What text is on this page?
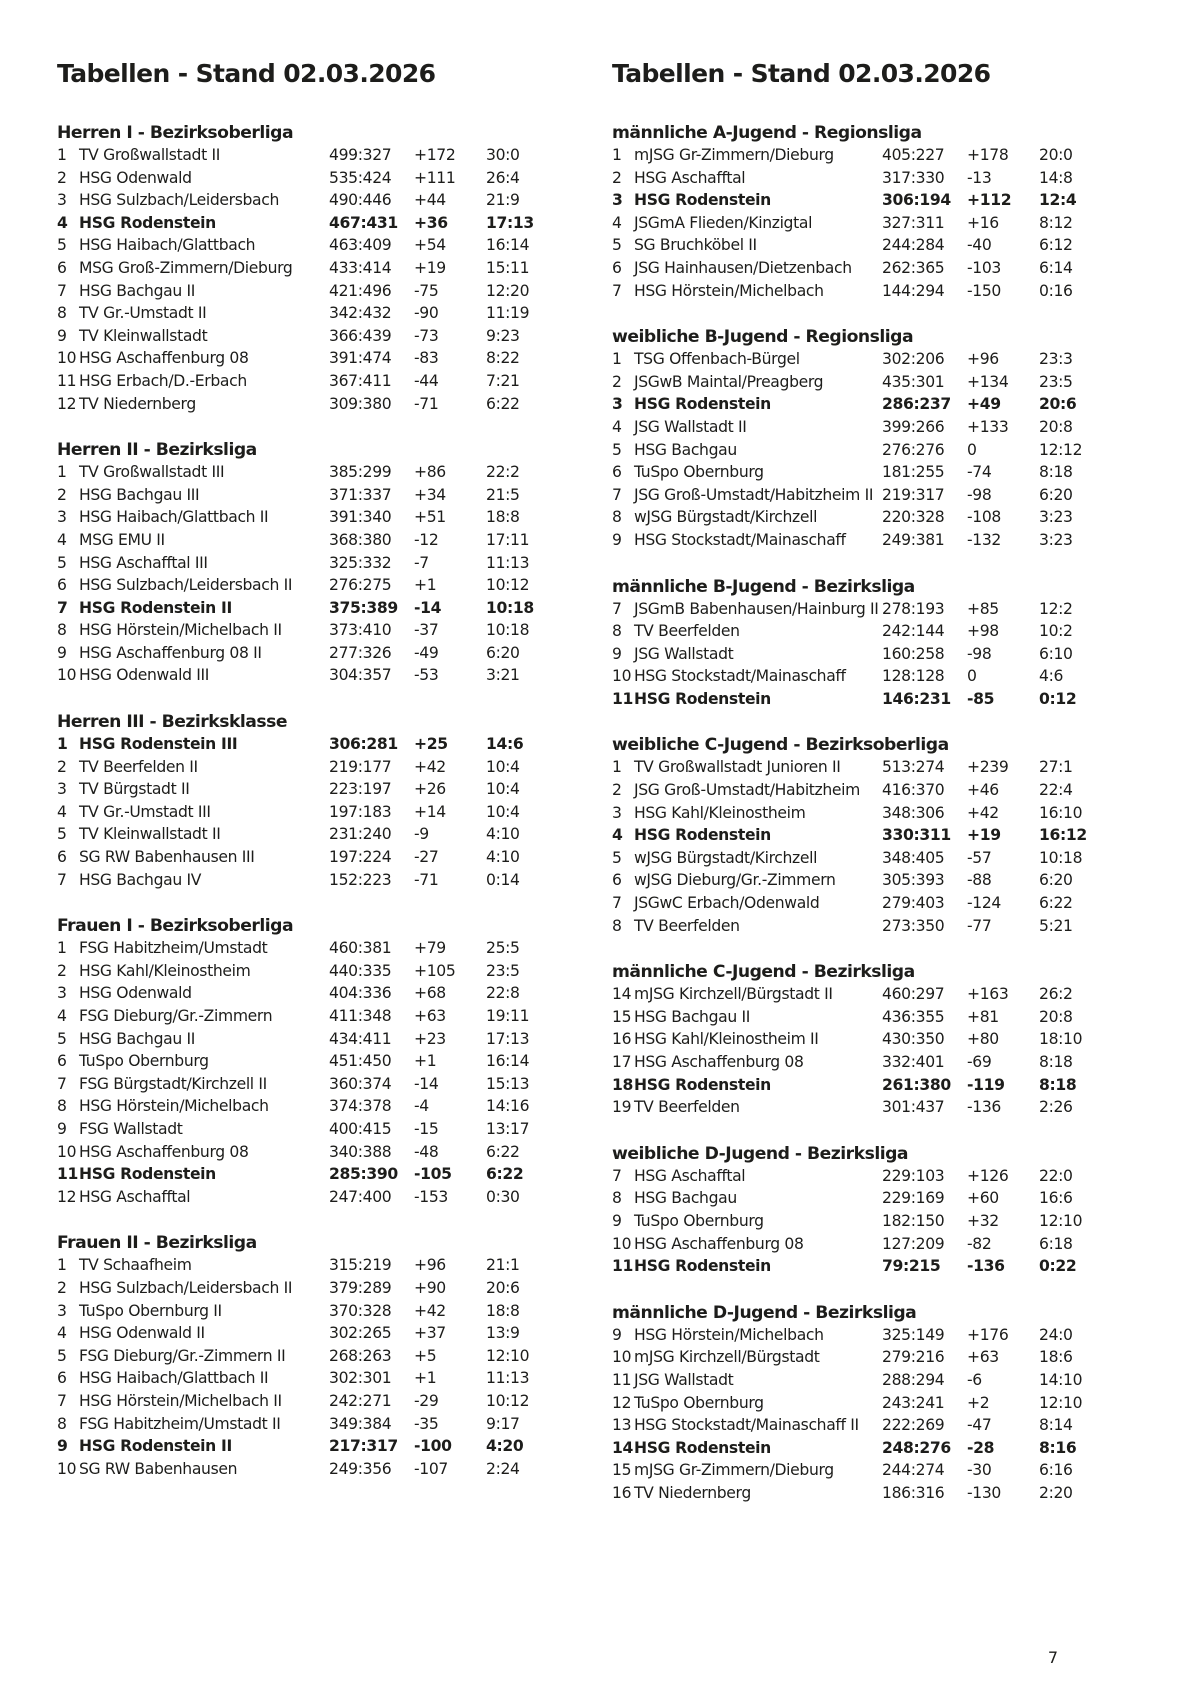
Tabellen - Stand 02.03.2026
Herren I - Bezirksoberliga
1 TV Großwallstadt II	499:327	+172	30:0
2 HSG Odenwald	535:424	+111	26:4
3 HSG Sulzbach/Leidersbach	490:446	+44	21:9
4 HSG Rodenstein	467:431	+36	17:13
5 HSG Haibach/Glattbach	463:409	+54	16:14
6 MSG Groß-Zimmern/Dieburg	433:414	+19	15:11
7 HSG Bachgau II	421:496	-75	12:20
8 TV Gr.-Umstadt II	342:432	-90	11:19
9 TV Kleinwallstadt	366:439	-73	9:23
10 HSG Aschaffenburg 08	391:474	-83	8:22
11 HSG Erbach/D.-Erbach	367:411	-44	7:21
12 TV Niedernberg	309:380	-71	6:22
Herren II - Bezirksliga
1 TV Großwallstadt III	385:299	+86	22:2
2 HSG Bachgau III	371:337	+34	21:5
3 HSG Haibach/Glattbach II	391:340	+51	18:8
4 MSG EMU II	368:380	-12	17:11
5 HSG Aschafftal III	325:332	-7	11:13
6 HSG Sulzbach/Leidersbach II	276:275	+1	10:12
7 HSG Rodenstein II	375:389	-14	10:18
8 HSG Hörstein/Michelbach II	373:410	-37	10:18
9 HSG Aschaffenburg 08 II	277:326	-49	6:20
10 HSG Odenwald III	304:357	-53	3:21
Herren III - Bezirksklasse
1 HSG Rodenstein III	306:281	+25	14:6
2 TV Beerfelden II	219:177	+42	10:4
3 TV Bürgstadt II	223:197	+26	10:4
4 TV Gr.-Umstadt III	197:183	+14	10:4
5 TV Kleinwallstadt II	231:240	-9	4:10
6 SG RW Babenhausen III	197:224	-27	4:10
7 HSG Bachgau IV	152:223	-71	0:14
Frauen I - Bezirksoberliga
1 FSG Habitzheim/Umstadt	460:381	+79	25:5
2 HSG Kahl/Kleinostheim	440:335	+105	23:5
3 HSG Odenwald	404:336	+68	22:8
4 FSG Dieburg/Gr.-Zimmern	411:348	+63	19:11
5 HSG Bachgau II	434:411	+23	17:13
6 TuSpo Obernburg	451:450	+1	16:14
7 FSG Bürgstadt/Kirchzell II	360:374	-14	15:13
8 HSG Hörstein/Michelbach	374:378	-4	14:16
9 FSG Wallstadt	400:415	-15	13:17
10 HSG Aschaffenburg 08	340:388	-48	6:22
11 HSG Rodenstein	285:390	-105	6:22
12 HSG Aschafftal	247:400	-153	0:30
Frauen II - Bezirksliga
1 TV Schaafheim	315:219	+96	21:1
2 HSG Sulzbach/Leidersbach II	379:289	+90	20:6
3 TuSpo Obernburg II	370:328	+42	18:8
4 HSG Odenwald II	302:265	+37	13:9
5 FSG Dieburg/Gr.-Zimmern II	268:263	+5	12:10
6 HSG Haibach/Glattbach II	302:301	+1	11:13
7 HSG Hörstein/Michelbach II	242:271	-29	10:12
8 FSG Habitzheim/Umstadt II	349:384	-35	9:17
9 HSG Rodenstein II	217:317	-100	4:20
10 SG RW Babenhausen	249:356	-107	2:24
Tabellen - Stand 02.03.2026
männliche A-Jugend - Regionsliga
1 mJSG Gr-Zimmern/Dieburg	405:227	+178	20:0
2 HSG Aschafftal	317:330	-13	14:8
3 HSG Rodenstein	306:194	+112	12:4
4 JSGmA Flieden/Kinzigtal	327:311	+16	8:12
5 SG Bruchköbel II	244:284	-40	6:12
6 JSG Hainhausen/Dietzenbach	262:365	-103	6:14
7 HSG Hörstein/Michelbach	144:294	-150	0:16
weibliche B-Jugend - Regionsliga
1 TSG Offenbach-Bürgel	302:206	+96	23:3
2 JSGwB Maintal/Preagberg	435:301	+134	23:5
3 HSG Rodenstein	286:237	+49	20:6
4 JSG Wallstadt II	399:266	+133	20:8
5 HSG Bachgau	276:276	0	12:12
6 TuSpo Obernburg	181:255	-74	8:18
7 JSG Groß-Umstadt/Habitzheim II 219:317	-98	6:20
8 wJSG Bürgstadt/Kirchzell	220:328	-108	3:23
9 HSG Stockstadt/Mainaschaff	249:381	-132	3:23
männliche B-Jugend - Bezirksliga
7 JSGmB Babenhausen/Hainburg II 278:193	+85	12:2
8 TV Beerfelden	242:144	+98	10:2
9 JSG Wallstadt	160:258	-98	6:10
10 HSG Stockstadt/Mainaschaff	128:128	0	4:6
11 HSG Rodenstein	146:231	-85	0:12
weibliche C-Jugend - Bezirksoberliga
1 TV Großwallstadt Junioren II	513:274	+239	27:1
2 JSG Groß-Umstadt/Habitzheim	416:370	+46	22:4
3 HSG Kahl/Kleinostheim	348:306	+42	16:10
4 HSG Rodenstein	330:311	+19	16:12
5 wJSG Bürgstadt/Kirchzell	348:405	-57	10:18
6 wJSG Dieburg/Gr.-Zimmern	305:393	-88	6:20
7 JSGwC Erbach/Odenwald	279:403	-124	6:22
8 TV Beerfelden	273:350	-77	5:21
männliche C-Jugend - Bezirksliga
14 mJSG Kirchzell/Bürgstadt II	460:297	+163	26:2
15 HSG Bachgau II	436:355	+81	20:8
16 HSG Kahl/Kleinostheim II	430:350	+80	18:10
17 HSG Aschaffenburg 08	332:401	-69	8:18
18 HSG Rodenstein	261:380	-119	8:18
19 TV Beerfelden	301:437	-136	2:26
weibliche D-Jugend - Bezirksliga
7 HSG Aschafftal	229:103	+126	22:0
8 HSG Bachgau	229:169	+60	16:6
9 TuSpo Obernburg	182:150	+32	12:10
10 HSG Aschaffenburg 08	127:209	-82	6:18
11 HSG Rodenstein	79:215	-136	0:22
männliche D-Jugend - Bezirksliga
9 HSG Hörstein/Michelbach	325:149	+176	24:0
10 mJSG Kirchzell/Bürgstadt	279:216	+63	18:6
11 JSG Wallstadt	288:294	-6	14:10
12 TuSpo Obernburg	243:241	+2	12:10
13 HSG Stockstadt/Mainaschaff II	222:269	-47	8:14
14 HSG Rodenstein	248:276	-28	8:16
15 mJSG Gr-Zimmern/Dieburg	244:274	-30	6:16
16 TV Niedernberg	186:316	-130	2:20
7
